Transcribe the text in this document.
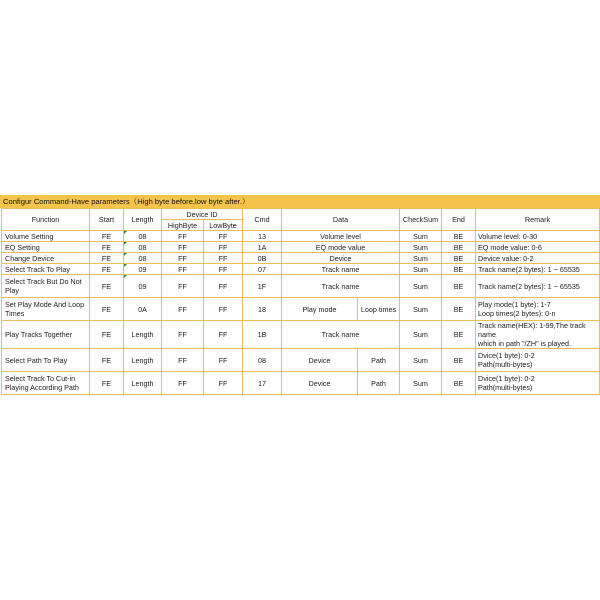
Configur Command-Have parameters（High byte before,low byte after.）
Function	Start	Length	Device ID		Cmd	Data		CheckSum	End	Remark
			HighByte	LowByte						
Volume Setting	FE	08	FF	FF	13	Volume level		Sum	BE	Volume level: 0-30
EQ Setting	FE	08	FF	FF	1A	EQ mode value		Sum	BE	EQ mode value: 0-6
Change Device	FE	08	FF	FF	0B	Device		Sum	BE	Device value: 0-2
Select Track To Play	FE	09	FF	FF	07	Track name		Sum	BE	Track name(2 bytes): 1 ~ 65535
Select Track But Do Not Play	FE	09	FF	FF	1F	Track name		Sum	BE	Track name(2 bytes): 1 ~ 65535
Set Play Mode And Loop Times	FE	0A	FF	FF	18	Play mode	Loop times	Sum	BE	Play mode(1 byte): 1-7
Loop times(2 bytes): 0-n

Play Tracks Together	FE	Length	FF	FF	1B	Track name		Sum	BE	Track name(HEX): 1-99,The track name
which in path "/ZH" is played.

Select Path To Play	FE	Length	FF	FF	08	Device	Path	Sum	BE	Dvice(1 byte): 0-2
Path(multi-bytes)

Select Track To Cut-in Playing According Path	FE	Length	FF	FF	17	Device	Path	Sum	BE	Dvice(1 byte): 0-2
Path(multi-bytes)
